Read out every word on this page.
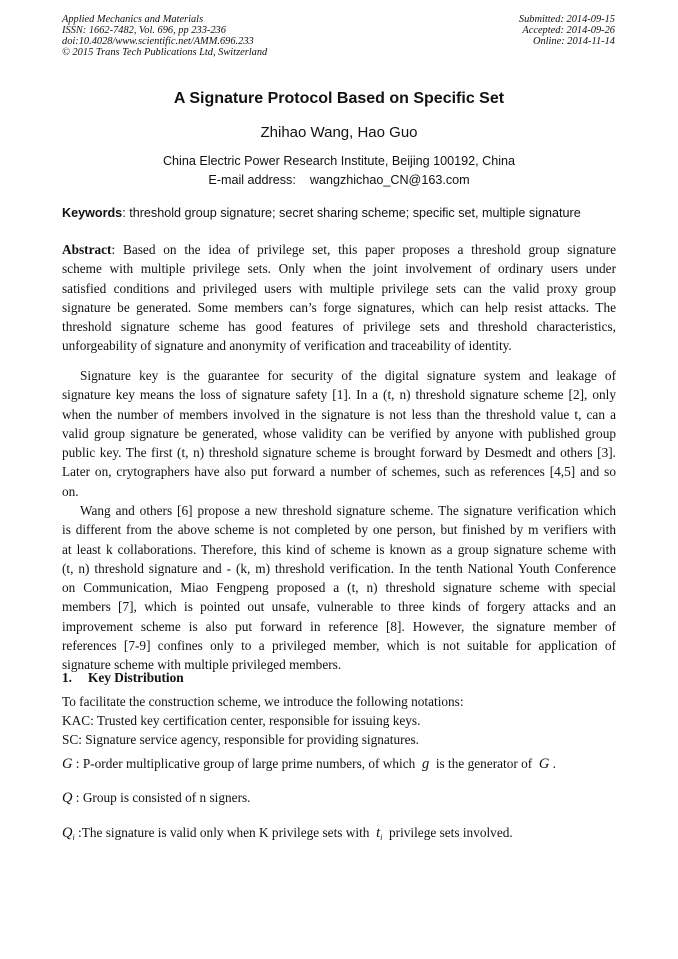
Applied Mechanics and Materials
ISSN: 1662-7482, Vol. 696, pp 233-236
doi:10.4028/www.scientific.net/AMM.696.233
© 2015 Trans Tech Publications Ltd, Switzerland
Submitted: 2014-09-15
Accepted: 2014-09-26
Online: 2014-11-14
A Signature Protocol Based on Specific Set
Zhihao Wang, Hao Guo
China Electric Power Research Institute, Beijing 100192, China
E-mail address:    wangzhichao_CN@163.com
Keywords: threshold group signature; secret sharing scheme; specific set, multiple signature
Abstract: Based on the idea of privilege set, this paper proposes a threshold group signature
scheme with multiple privilege sets. Only when the joint involvement of ordinary users under
satisfied conditions and privileged users with multiple privilege sets can the valid proxy group
signature be generated. Some members can’s forge signatures, which can help resist attacks. The
threshold signature scheme has good features of privilege sets and threshold characteristics,
unforgeability of signature and anonymity of verification and traceability of identity.
Signature key is the guarantee for security of the digital signature system and leakage of
signature key means the loss of signature safety [1]. In a (t, n) threshold signature scheme [2], only
when the number of members involved in the signature is not less than the threshold value t, can a
valid group signature be generated, whose validity can be verified by anyone with published group
public key. The first (t, n) threshold signature scheme is brought forward by Desmedt and others [3].
Later on, crytographers have also put forward a number of schemes, such as references [4,5] and so
on.
Wang and others [6] propose a new threshold signature scheme. The signature verification which
is different from the above scheme is not completed by one person, but finished by m verifiers with
at least k collaborations. Therefore, this kind of scheme is known as a group signature scheme with
(t, n) threshold signature and - (k, m) threshold verification. In the tenth National Youth Conference
on Communication, Miao Fengpeng proposed a (t, n) threshold signature scheme with special
members [7], which is pointed out unsafe, vulnerable to three kinds of forgery attacks and an
improvement scheme is also put forward in reference [8]. However, the signature member of
references [7-9] confines only to a privileged member, which is not suitable for application of
signature scheme with multiple privileged members.
1. Key Distribution
To facilitate the construction scheme, we introduce the following notations:
KAC: Trusted key certification center, responsible for issuing keys.
SC: Signature service agency, responsible for providing signatures.
G : P-order multiplicative group of large prime numbers, of which  g  is the generator of  G .
Q : Group is consisted of n signers.
$Q_i$ :The signature is valid only when K privilege sets with  $t_i$  privilege sets involved.
